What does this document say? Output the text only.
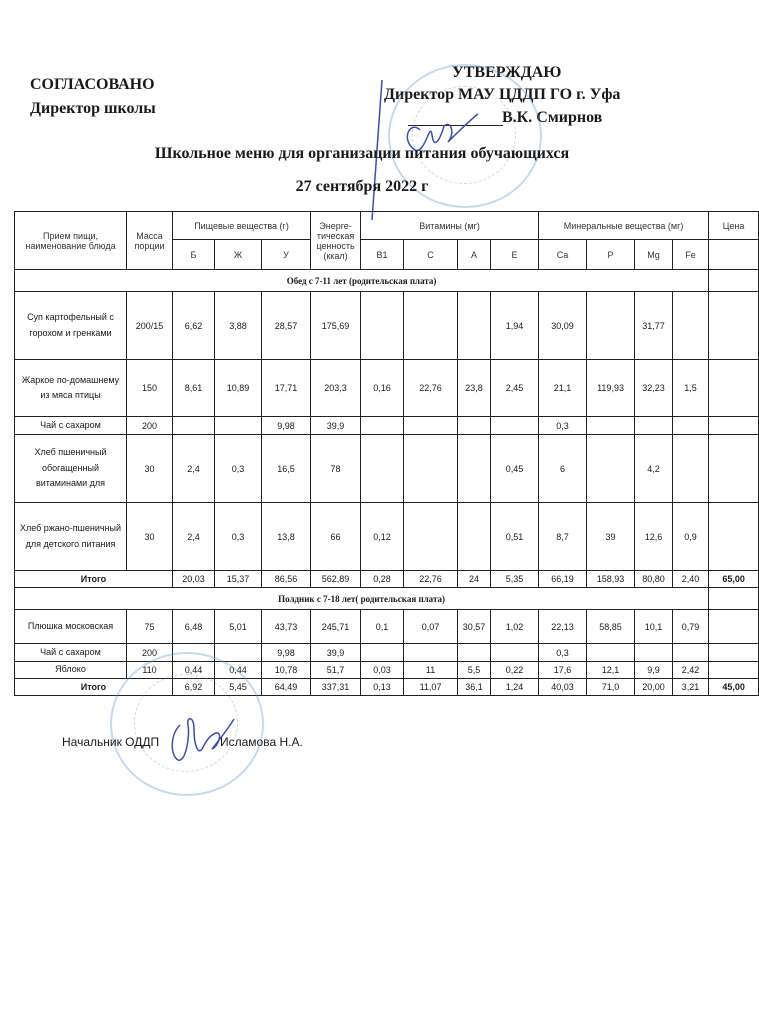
СОГЛАСОВАНО
Директор школы
УТВЕРЖДАЮ
Директор МАУ ЦДДП ГО г. Уфа
В.К. Смирнов
Школьное меню для организации питания обучающихся
27 сентября 2022 г
Прием пищи, наименование блюда	Масса порции	Пищевые вещества (г)			Энерге-тическая ценность (ккал)	Витамины (мг)				Минеральные вещества (мг)				Цена
		Б	Ж	У		B1	C	A	E	Ca	P	Mg	Fe	
Обед с 7-11 лет (родительская плата)														
Суп картофельный с горохом и гренками	200/15	6,62	3,88	28,57	175,69				1,94	30,09		31,77		
Жаркое по-домашнему из мяса птицы	150	8,61	10,89	17,71	203,3	0,16	22,76	23,8	2,45	21,1	119,93	32,23	1,5	
Чай с сахаром	200			9,98	39,9					0,3				
Хлеб пшеничный обогащенный витаминами для	30	2,4	0,3	16,5	78				0,45	6		4,2		
Хлеб ржано-пшеничный для детского питания	30	2,4	0,3	13,8	66	0,12			0,51	8,7	39	12,6	0,9	
Итого		20,03	15,37	86,56	562,89	0,28	22,76	24	5,35	66,19	158,93	80,80	2,40	65,00
Полдник с 7-18 лет( родительская плата)														
Плюшка московская	75	6,48	5,01	43,73	245,71	0,1	0,07	30,57	1,02	22,13	58,85	10,1	0,79	
Чай с сахаром	200			9,98	39,9					0,3				
Яблоко	110	0,44	0,44	10,78	51,7	0,03	11	5,5	0,22	17,6	12,1	9,9	2,42	
Итого		6,92	5,45	64,49	337,31	0,13	11,07	36,1	1,24	40,03	71,0	20,00	3,21	45,00
Начальник ОДДП	Исламова Н.А.
